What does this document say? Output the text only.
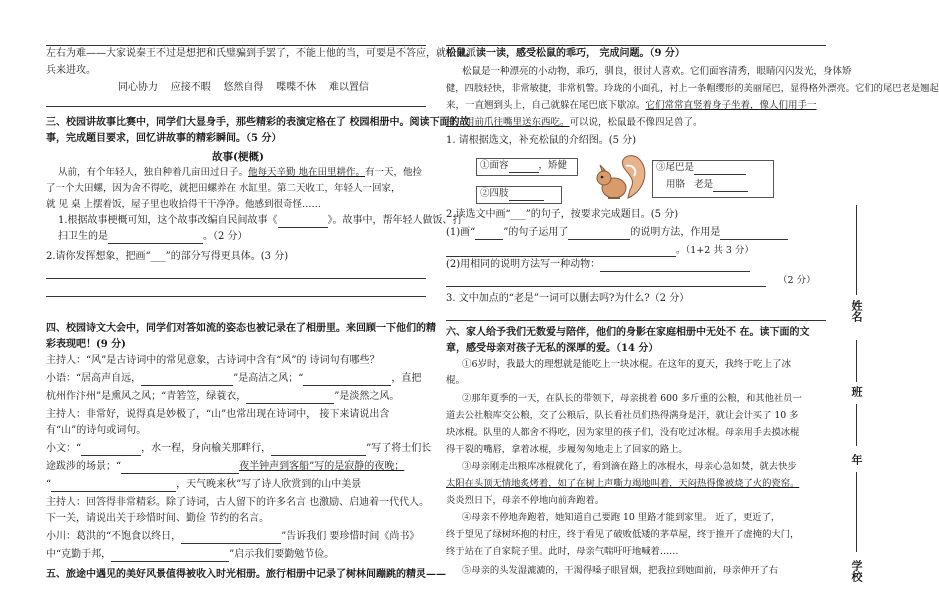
左右为难——大家说秦王不过是想把和氏璧骗到手罢了，不能上他的当，可要是不答应，就怕他派
兵来进攻。
同心协力 应接不暇 悠然自得 喋喋不休 难以置信
三、校园讲故事比赛中，同学们大显身手，那些精彩的表演定格在了 校园相册中。阅读下面的故
事，完成题目要求，回忆讲故事的精彩瞬间。（5 分）
故事(梗概)
从前，有个年轻人，独自种着几亩田过日子。他每天辛勤 地在田里耕作。有一天，他捡
了一个大田螺，因为舍不得吃，就把田螺养在 水缸里。第二天收工，年轻人一回家，
就 见 桌 上摆着饭，屋子里也收拾得干干净净。他感到很奇怪……
1.根据故事梗概可知，这个故事改编自民间故事《	》。故事中，帮年轻人做饭、打
扫卫生的是	。（2 分）
2.请你发挥想象，把画“___”的部分写得更具体。(3 分)
四、校园诗文大会中，同学们对答如流的姿态也被记录在了相册里。来回顾一下他们的精
彩表现吧！(9 分)
主持人：“风”是古诗词中的常见意象，古诗词中含有“风”的 诗词句有哪些？
小语：“居高声自远，	”是高洁之风；“	，直把
杭州作汴州”是熏风之风；“青箬笠，绿蓑衣，	”是淡然之风。
主持人：非常好，说得真是妙极了，“山”也常出现在诗词中， 接下来请说出含
有“山”的诗句或词句。
小文：“	，水一程，身向榆关那畔行，	”写了将士们长
途跋涉的场景；“	夜半钟声到客船”写的是寂静的夜晚；
“	，天气晚来秋”写了诗人欣赏到的山中美景
主持人：回答得非常精彩。除了诗词，古人留下的许多名言 也激励、启迪着一代代人。
下一关，请说出关于珍惜时间、勤俭 节约的名言。
小川：葛洪的“不饱食以终日，	”告诉我们 要珍惜时间《尚书》
中“克勤于邦，	”启示我们要勤勉节俭。
五、旅途中遇见的美好风景值得被收入时光相册。旅行相册中记录了树林间蹦跳的精灵——
松鼠。读一读，感受松鼠的乖巧， 完成问题。（9 分）
松鼠是一种漂亮的小动物，乖巧，驯良，很讨人喜欢。它们面容清秀，眼睛闪闪发光，身体矫
健，四肢轻快，非常敏捷，非常机警。玲珑的小面孔，衬上一条帽缨形的美丽尾巴，显得格外漂亮。它们的尾巴老是翘起
来，一直翘到头上，自己就躲在尾巴底下歇凉。它们常常直竖着身子坐着，像人们用手一
样，用前爪往嘴里送东西吃。可以说，松鼠最不像四足兽了。
1. 请根据选文，补充松鼠的介绍图。(5 分)
①面容	，矫健
②四肢
③尾巴是
用胳 老是
2.读选文中画“___”的句子，按要求完成题目。(5 分)
(1)画“	”的句子运用了	的说明方法，作用是
。（1+2 共 3 分）
(2)用相同的说明方法写一种动物：
（2 分）
3. 文中加点的“老是”一词可以删去吗?为什么?（2 分）
六、家人给予我们无数爱与陪伴，他们的身影在家庭相册中无处不 在。读下面的文
章，感受母亲对孩子无私的深厚的爱。（14 分）
①6岁时，我最大的理想就是能吃上一块冰棍。在这年的夏天，我终于吃上了冰
棍。
②那年夏季的一天，在队长的带领下，母亲挑着 600 多斤重的公粮，和其他社员一
道去公社粮库交公粮，交了公粮后，队长看社员们热得满身是汗，就让会计买了 10 多
块冰棍。队里的人都舍不得吃，因为家里的孩子们，没有吃过冰棍。母亲用手去摸冰棍
得干裂的嘴唇，拿着冰棍，步履匆匆地走上了回家的路上。
③母亲刚走出粮库冰棍就化了，看到滴在路上的冰棍水，母亲心急如焚，就去快步
太阳在头顶无情地炙烤着，如了在树上声嘶力竭地叫着，天闷热得像被烧了火的瓷窑。
炎炎烈日下，母亲不停地向前奔跑着。
④母亲不停地奔跑着，她知道自己要跑 10 里路才能到家里。 近了，更近了，
终于望见了绿树环抱的村庄，终于看见了破败低矮的茅草屋，终于推开了虚掩的大门，
终于站在了自家院子里。此时，母亲气喘吁吁地喊着……
⑤母亲的头发湿漉漉的，干渴得嗓子眼冒烟，把我拉到她面前，母亲伸开了右
姓名
班
年
学校
